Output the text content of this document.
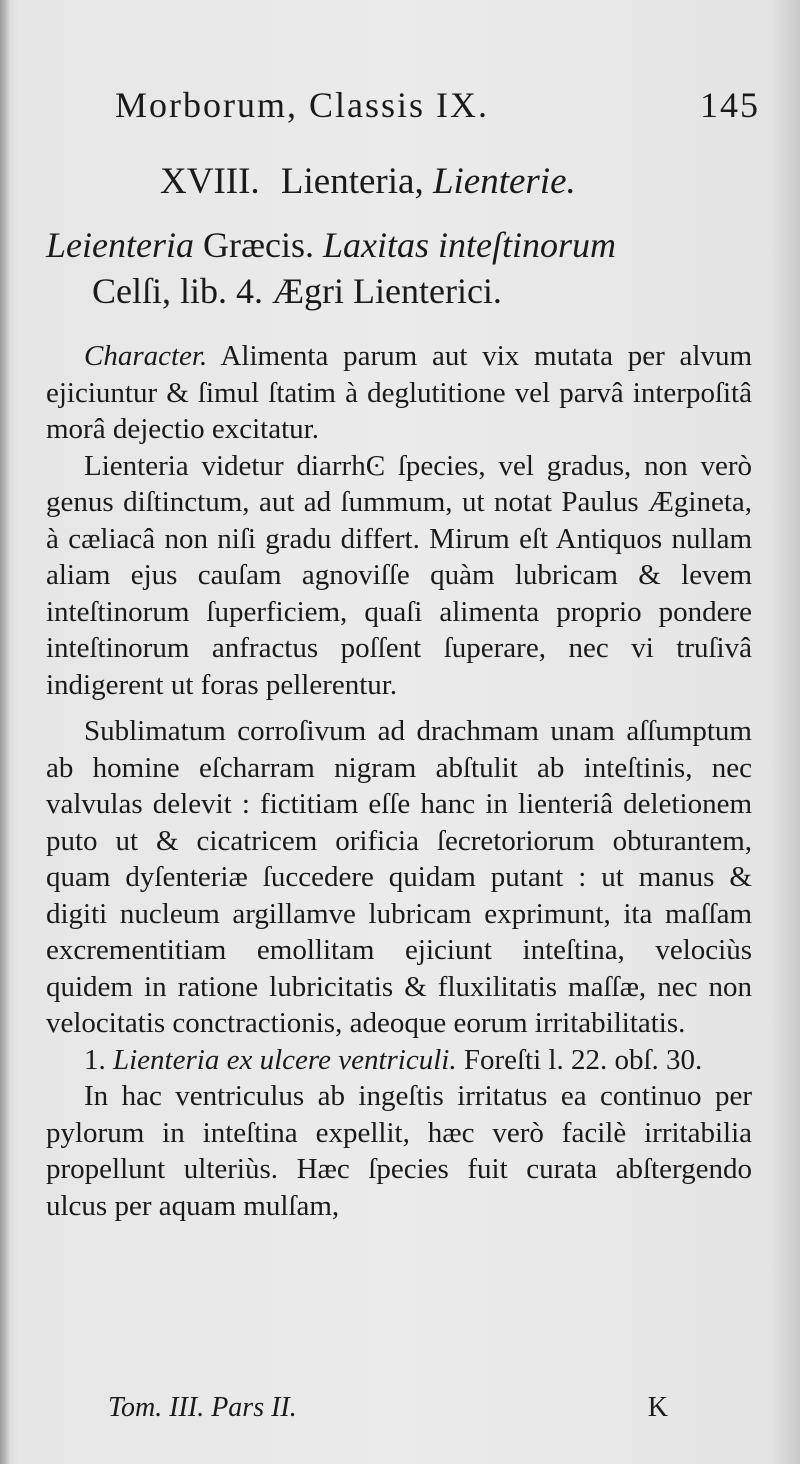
Morborum, Classis IX.	145
XVIII. Lienteria, Lienterie.
Leienteria Græcis. Laxitas inteſtinorum
Celſi, lib. 4. Ægri Lienterici.

Character. Alimenta parum aut vix mutata per alvum ejiciuntur & ſimul ſtatim à deglutitione vel parvâ interpoſitâ morâ dejectio excitatur.

Lienteria videtur diarrhϾ ſpecies, vel gradus, non verò genus diſtinctum, aut ad ſummum, ut notat Paulus Ægineta, à cæliacâ non niſi gradu differt. Mirum eſt Antiquos nullam aliam ejus cauſam agnoviſſe quàm lubricam & levem inteſtinorum ſuperficiem, quaſi alimenta proprio pondere inteſtinorum anfractus poſſent ſuperare, nec vi truſivâ indigerent ut foras pellerentur.

Sublimatum corroſivum ad drachmam unam aſſumptum ab homine eſcharram nigram abſtulit ab inteſtinis, nec valvulas delevit : fictitiam eſſe hanc in lienteriâ deletionem puto ut & cicatricem orificia ſecretoriorum obturantem, quam dyſenteriæ ſuccedere quidam putant : ut manus & digiti nucleum argillamve lubricam exprimunt, ita maſſam excrementitiam emollitam ejiciunt inteſtina, velociùs quidem in ratione lubricitatis & fluxilitatis maſſæ, nec non velocitatis conctractionis, adeoque eorum irritabilitatis.

1. Lienteria ex ulcere ventriculi. Foreſti l. 22. obſ. 30.

In hac ventriculus ab ingeſtis irritatus ea continuo per pylorum in inteſtina expellit, hæc verò facilè irritabilia propellunt ulteriùs. Hæc ſpecies fuit curata abſtergendo ulcus per aquam mulſam,

Tom. III. Pars II.	K
